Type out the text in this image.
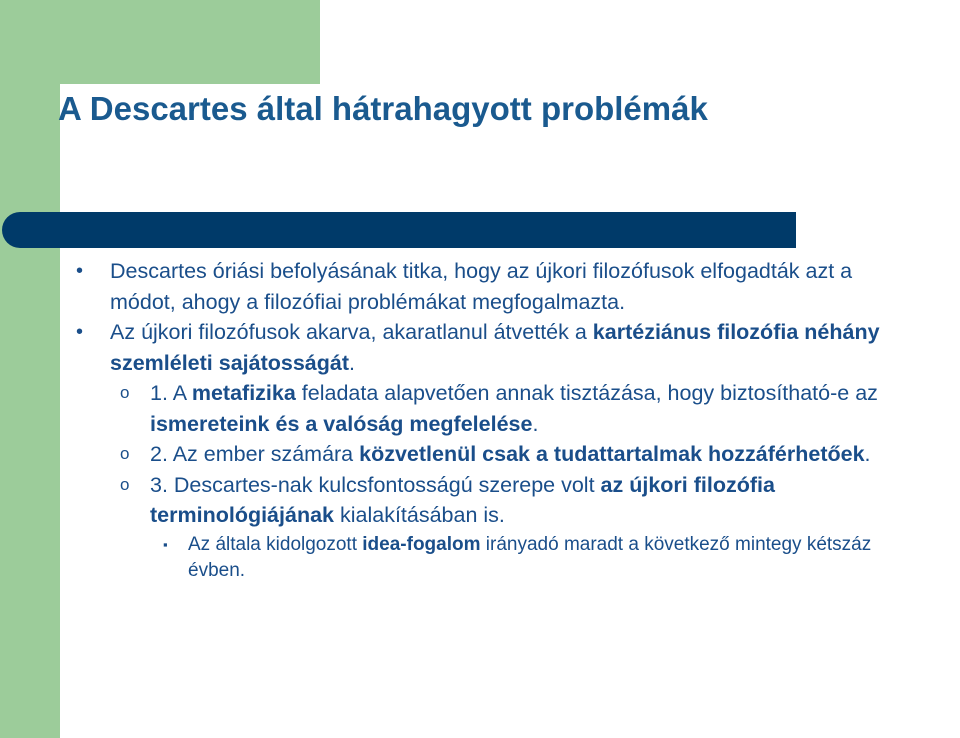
A Descartes által hátrahagyott problémák
• Descartes óriási befolyásának titka, hogy az újkori filozófusok elfogadták azt a módot, ahogy a filozófiai problémákat megfogalmazta.
• Az újkori filozófusok akarva, akaratlanul átvették a kartéziánus filozófia néhány szemléleti sajátosságát.
o 1. A metafizika feladata alapvetően annak tisztázása, hogy biztosítható-e az ismereteink és a valóság megfelelése.
o 2. Az ember számára közvetlenül csak a tudattartalmak hozzáférhetőek.
o 3. Descartes-nak kulcsfontosságú szerepe volt az újkori filozófia terminológiájának kialakításában is.
▪ Az általa kidolgozott idea-fogalom irányadó maradt a következő mintegy kétszáz évben.
